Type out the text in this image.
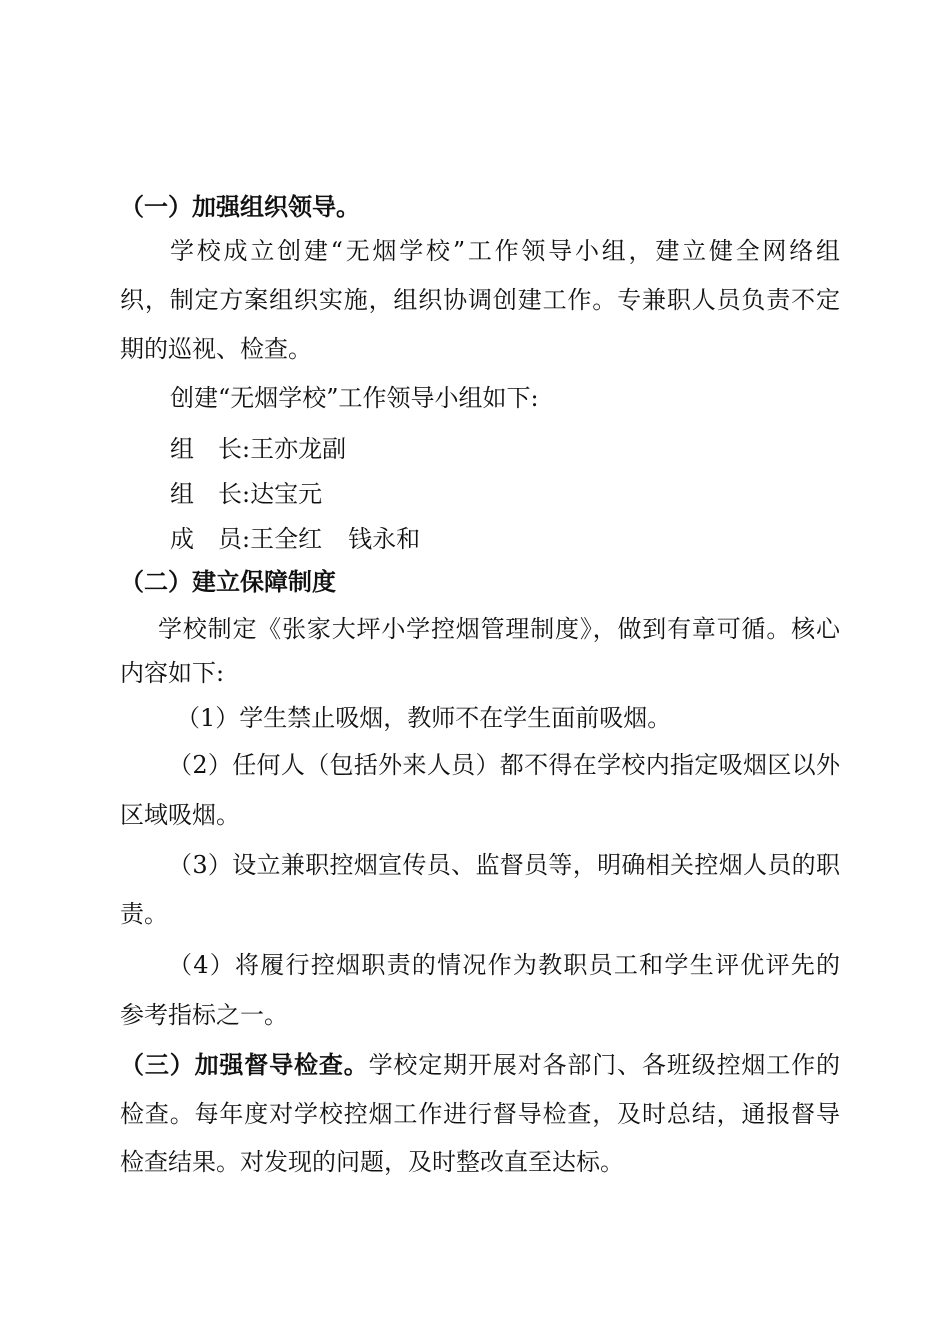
（一）加强组织领导。
学校成立创建“无烟学校”工作领导小组，建立健全网络组
织，制定方案组织实施，组织协调创建工作。专兼职人员负责不定
期的巡视、检查。
创建“无烟学校”工作领导小组如下:
组　长:王亦龙副
组　长:达宝元
成　员:王全红 钱永和
（二）建立保障制度
学校制定《张家大坪小学控烟管理制度》，做到有章可循。核心
内容如下:
（1）学生禁止吸烟，教师不在学生面前吸烟。
（2）任何人（包括外来人员）都不得在学校内指定吸烟区以外
区域吸烟。
（3）设立兼职控烟宣传员、监督员等，明确相关控烟人员的职
责。
（4）将履行控烟职责的情况作为教职员工和学生评优评先的
参考指标之一。
（三）加强督导检查。学校定期开展对各部门、各班级控烟工作的
检查。每年度对学校控烟工作进行督导检查，及时总结，通报督导
检查结果。对发现的问题，及时整改直至达标。
